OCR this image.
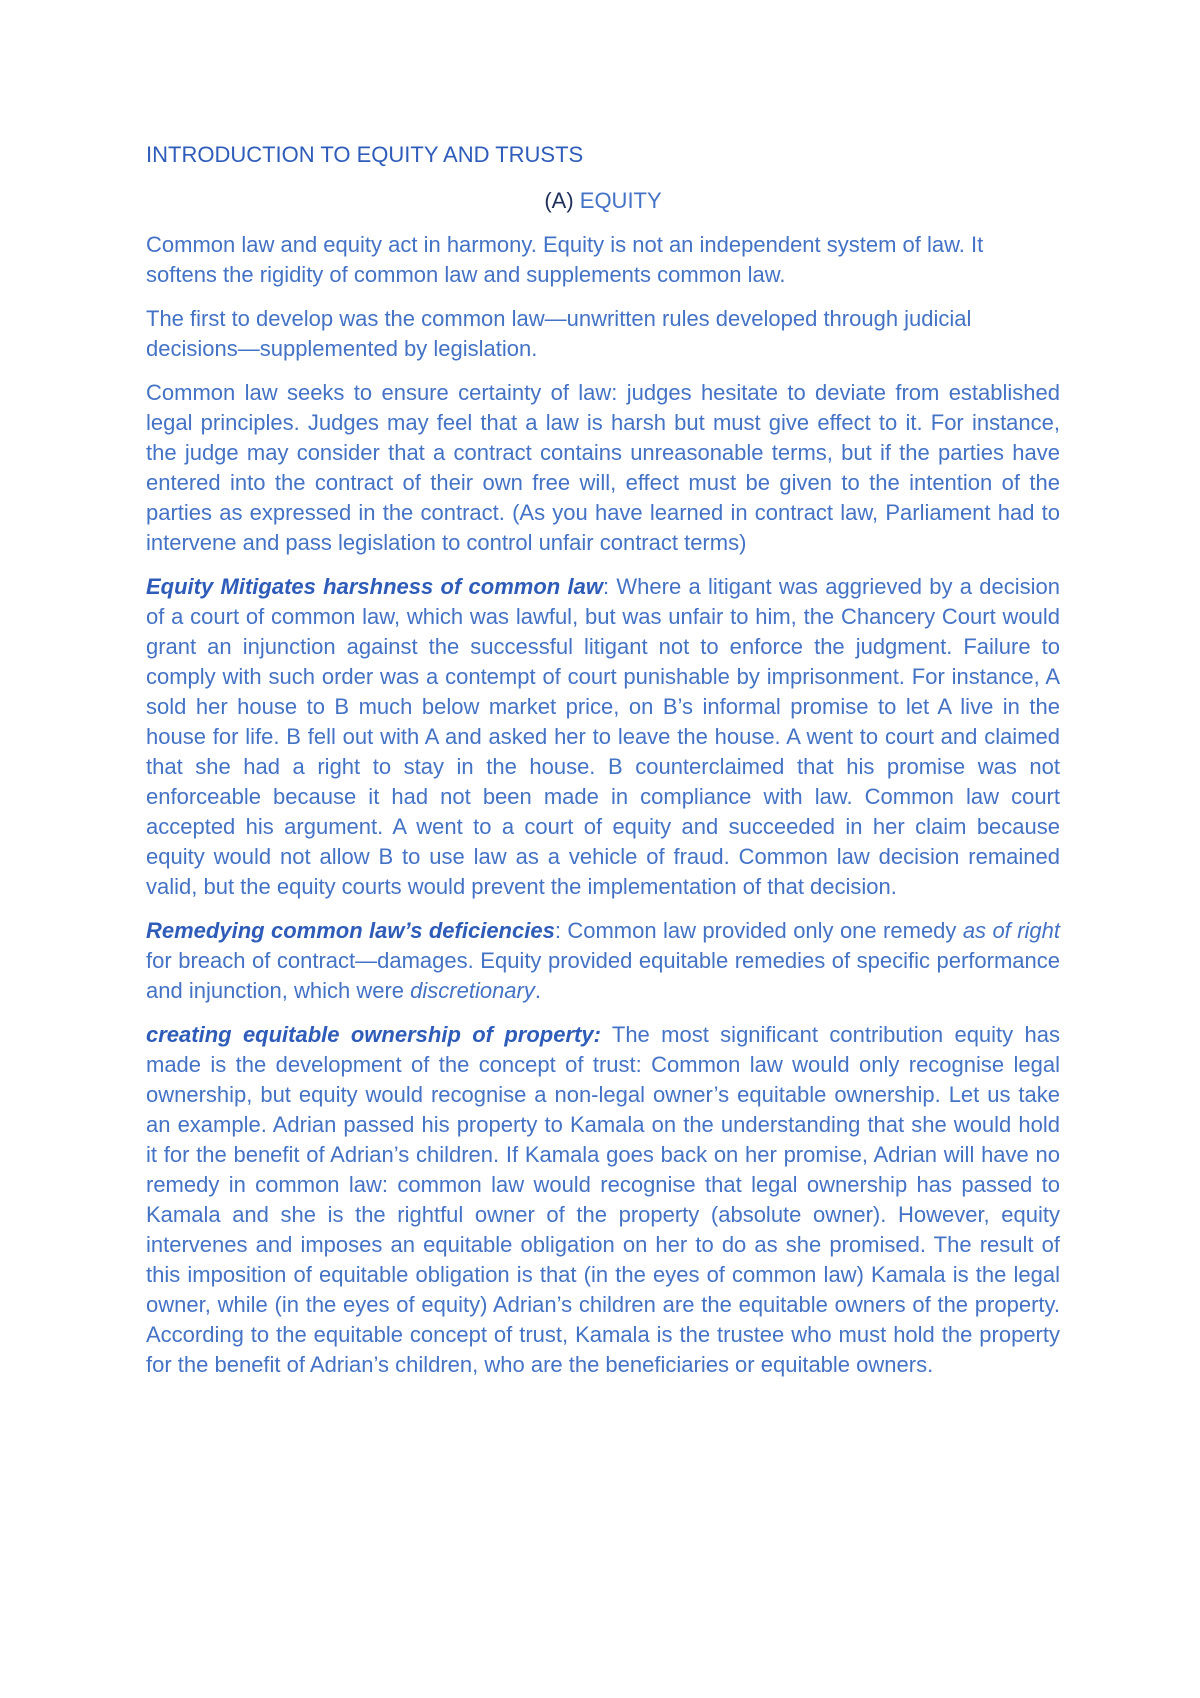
INTRODUCTION TO EQUITY AND TRUSTS
(A) EQUITY

Common law and equity act in harmony. Equity is not an independent system of law. It softens the rigidity of common law and supplements common law.

The first to develop was the common law—unwritten rules developed through judicial decisions—supplemented by legislation.

Common law seeks to ensure certainty of law: judges hesitate to deviate from established legal principles. Judges may feel that a law is harsh but must give effect to it. For instance, the judge may consider that a contract contains unreasonable terms, but if the parties have entered into the contract of their own free will, effect must be given to the intention of the parties as expressed in the contract. (As you have learned in contract law, Parliament had to intervene and pass legislation to control unfair contract terms)

Equity Mitigates harshness of common law: Where a litigant was aggrieved by a decision of a court of common law, which was lawful, but was unfair to him, the Chancery Court would grant an injunction against the successful litigant not to enforce the judgment. Failure to comply with such order was a contempt of court punishable by imprisonment. For instance, A sold her house to B much below market price, on B’s informal promise to let A live in the house for life. B fell out with A and asked her to leave the house. A went to court and claimed that she had a right to stay in the house. B counterclaimed that his promise was not enforceable because it had not been made in compliance with law. Common law court accepted his argument. A went to a court of equity and succeeded in her claim because equity would not allow B to use law as a vehicle of fraud. Common law decision remained valid, but the equity courts would prevent the implementation of that decision.

Remedying common law’s deficiencies: Common law provided only one remedy as of right for breach of contract—damages. Equity provided equitable remedies of specific performance and injunction, which were discretionary.

creating equitable ownership of property: The most significant contribution equity has made is the development of the concept of trust: Common law would only recognise legal ownership, but equity would recognise a non-legal owner’s equitable ownership. Let us take an example. Adrian passed his property to Kamala on the understanding that she would hold it for the benefit of Adrian’s children. If Kamala goes back on her promise, Adrian will have no remedy in common law: common law would recognise that legal ownership has passed to Kamala and she is the rightful owner of the property (absolute owner). However, equity intervenes and imposes an equitable obligation on her to do as she promised. The result of this imposition of equitable obligation is that (in the eyes of common law) Kamala is the legal owner, while (in the eyes of equity) Adrian’s children are the equitable owners of the property. According to the equitable concept of trust, Kamala is the trustee who must hold the property for the benefit of Adrian’s children, who are the beneficiaries or equitable owners.
